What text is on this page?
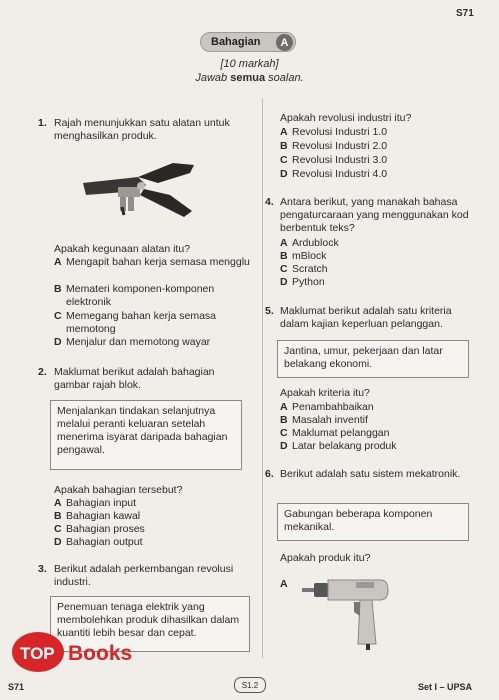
S71
Bahagian	A
[10 markah]
Jawab semua soalan.
1. Rajah menunjukkan satu alatan untuk menghasilkan produk.
Apakah kegunaan alatan itu?
A Mengapit bahan kerja semasa mengglu
B Memateri komponen-komponen elektronik
C Memegang bahan kerja semasa memotong
D Menjalur dan memotong wayar
2. Maklumat berikut adalah bahagian gambar rajah blok.
Menjalankan tindakan selanjutnya melalui peranti keluaran setelah menerima isyarat daripada bahagian pengawal.
Apakah bahagian tersebut?
A Bahagian input
B Bahagian kawal
C Bahagian proses
D Bahagian output
3. Berikut adalah perkembangan revolusi industri.
Penemuan tenaga elektrik yang membolehkan produk dihasilkan dalam kuantiti lebih besar dan cepat.
Apakah revolusi industri itu?
A Revolusi Industri 1.0
B Revolusi Industri 2.0
C Revolusi Industri 3.0
D Revolusi Industri 4.0
4. Antara berikut, yang manakah bahasa pengaturcaraan yang menggunakan kod berbentuk teks?
A Ardublock
B mBlock
C Scratch
D Python
5. Maklumat berikut adalah satu kriteria dalam kajian keperluan pelanggan.
Jantina, umur, pekerjaan dan latar belakang ekonomi.
Apakah kriteria itu?
A Penambahbaikan
B Masalah inventif
C Maklumat pelanggan
D Latar belakang produk
6. Berikut adalah satu sistem mekatronik.
Gabungan beberapa komponen mekanikal.
Apakah produk itu?
A
TOP Books
S71	S1.2	Set I – UPSA
